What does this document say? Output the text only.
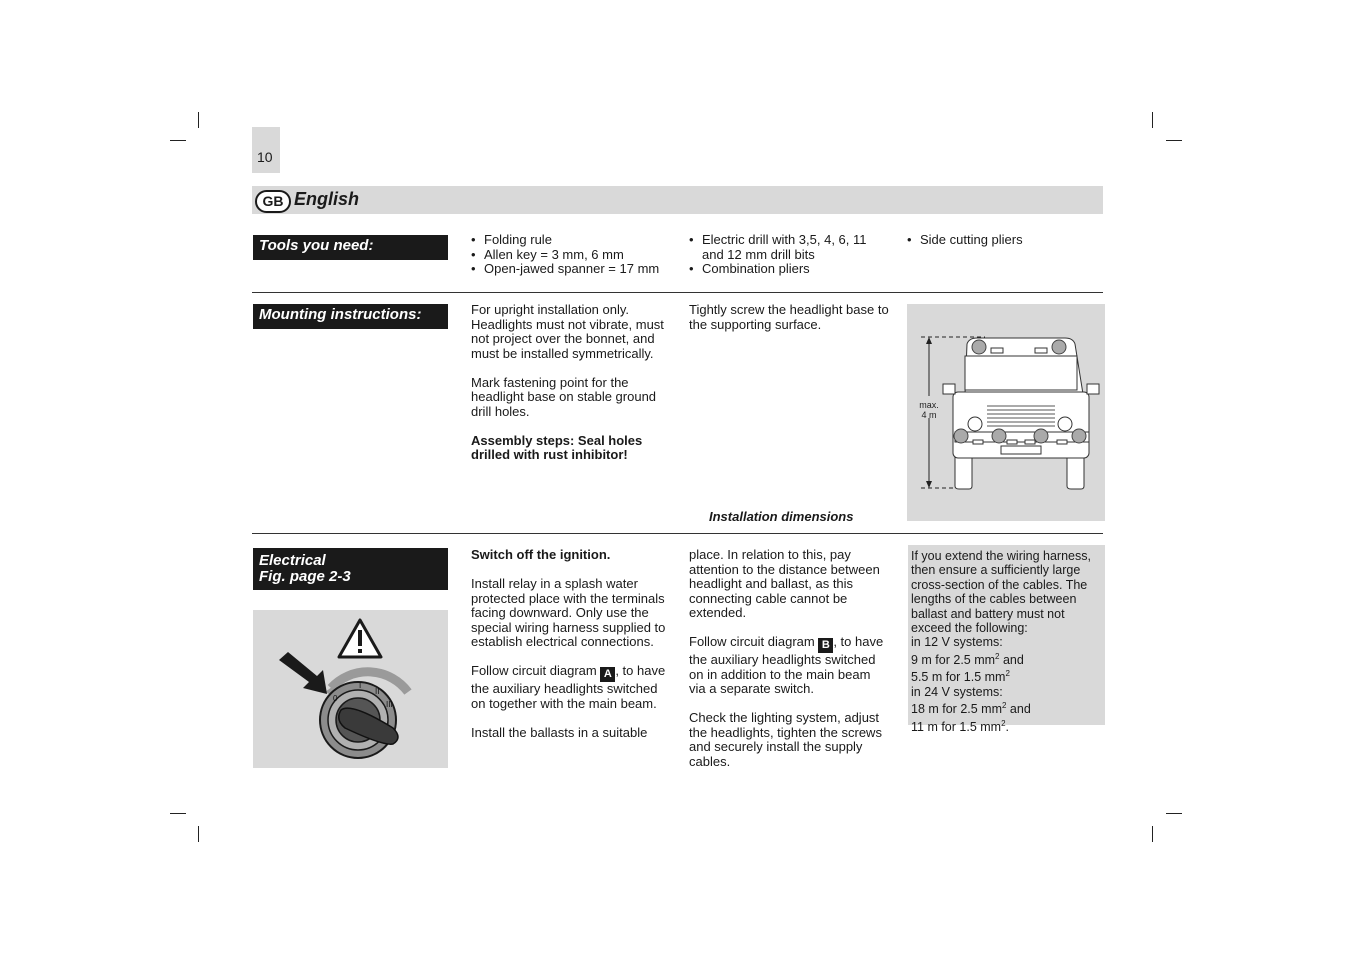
10
GB English
Tools you need:
•	Folding rule
• Allen key = 3 mm, 6 mm
• Open-jawed spanner = 17 mm
• Electric drill with 3,5, 4, 6, 11 and 12 mm drill bits
• Combination pliers
• Side cutting pliers
Mounting instructions:	For upright installation only. Headlights must not vibrate, must not project over the bonnet, and must be installed symmetrically.

Mark fastening point for the headlight base on stable ground drill holes.

Assembly steps: Seal holes drilled with rust inhibitor!

Tightly screw the headlight base to the supporting surface.

Installation dimensions
max.
4 m
Electrical
Fig. page 2-3
0
I
II
III

Switch off the ignition.

Install relay in a splash water protected place with the terminals facing downward. Only use the special wiring harness supplied to establish electrical connections.

Follow circuit diagram A , to have the auxiliary headlights switched on together with the main beam.

Install the ballasts in a suitable

place. In relation to this, pay attention to the distance between headlight and ballast, as this connecting cable cannot be extended.

Follow circuit diagram B , to have the auxiliary headlights switched on in addition to the main beam via a separate switch.

Check the lighting system, adjust the headlights, tighten the screws and securely install the supply cables.

If you extend the wiring harness, then ensure a sufficiently large cross-section of the cables. The lengths of the cables between ballast and battery must not exceed the following:
in 12 V systems:
9 m for 2.5 $mm^2$ and
5.5 m for 1.5 $mm^2$
in 24 V systems:
18 m for 2.5 $mm^2$ and
11 m for 1.5 $mm^2$.
